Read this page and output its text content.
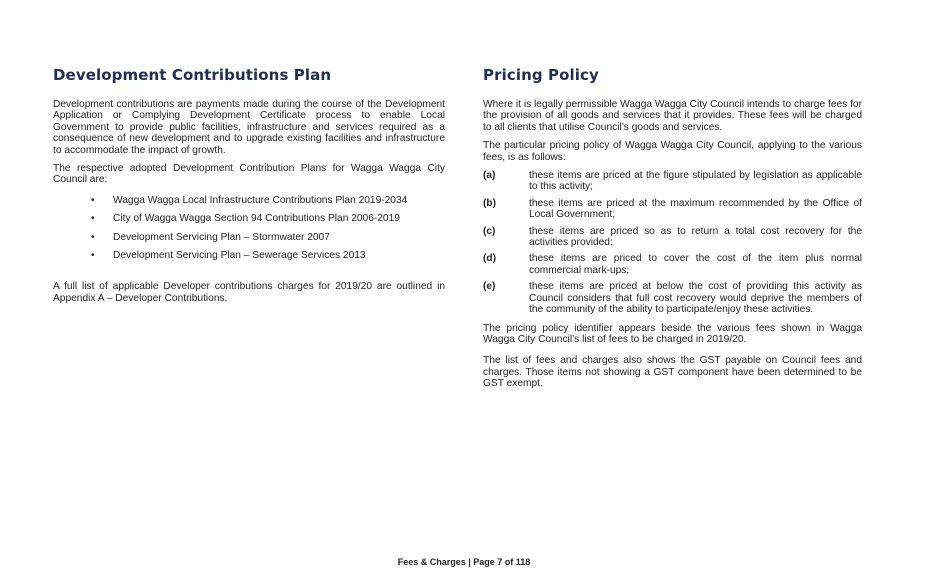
Development Contributions Plan

Development contributions are payments made during the course of the Development Application or Complying Development Certificate process to enable Local Government to provide public facilities, infrastructure and services required as a consequence of new development and to upgrade existing facilities and infrastructure to accommodate the impact of growth.

The respective adopted Development Contribution Plans for Wagga Wagga City Council are:

• Wagga Wagga Local Infrastructure Contributions Plan 2019-2034
• City of Wagga Wagga Section 94 Contributions Plan 2006-2019
• Development Servicing Plan – Stormwater 2007
• Development Servicing Plan – Sewerage Services 2013

A full list of applicable Developer contributions charges for 2019/20 are outlined in Appendix A – Developer Contributions.

Pricing Policy

Where it is legally permissible Wagga Wagga City Council intends to charge fees for the provision of all goods and services that it provides. These fees will be charged to all clients that utilise Council’s goods and services.

The particular pricing policy of Wagga Wagga City Council, applying to the various fees, is as follows:

(a)	these items are priced at the figure stipulated by legislation as applicable to this activity;
(b)	these items are priced at the maximum recommended by the Office of Local Government;
(c)	these items are priced so as to return a total cost recovery for the activities provided;
(d)	these items are priced to cover the cost of the item plus normal commercial mark-ups;
(e)	these items are priced at below the cost of providing this activity as Council considers that full cost recovery would deprive the members of the community of the ability to participate/enjoy these activities.

The pricing policy identifier appears beside the various fees shown in Wagga Wagga City Council’s list of fees to be charged in 2019/20.

The list of fees and charges also shows the GST payable on Council fees and charges. Those items not showing a GST component have been determined to be GST exempt.

Fees & Charges | Page 7 of 118
